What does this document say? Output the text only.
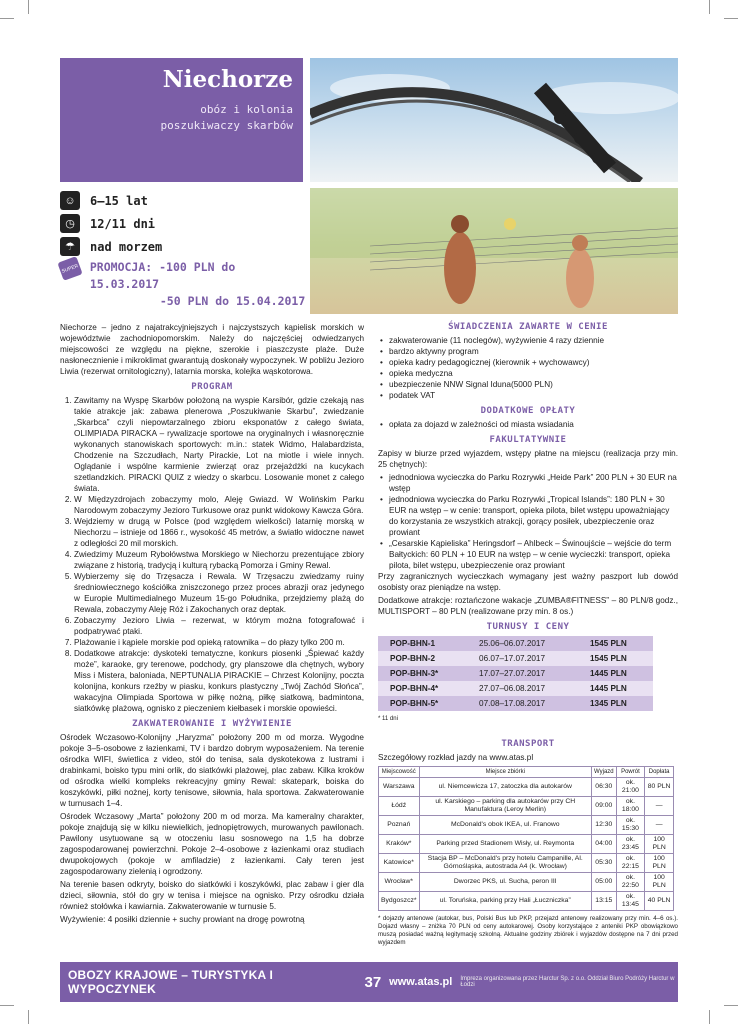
Niechorze
obóz i kolonia
poszukiwaczy skarbów
☺	6–15 lat
◷	12/11 dni
☂	nad morzem
SUPER PROMOCJA: -100 PLN do 15.03.2017
-50 PLN do 15.04.2017

Niechorze – jedno z najatrakcyjniejszych i najczystszych kąpielisk morskich w województwie zachodniopomorskim. Należy do najczęściej odwiedzanych miejscowości ze względu na piękne, szerokie i piaszczyste plaże. Duże nasłonecznienie i mikroklimat gwarantują doskonały wypoczynek. W pobliżu Jezioro Liwia (rezerwat ornitologiczny), latarnia morska, kolejka wąskotorowa.

PROGRAM
1. Zawitamy na Wyspę Skarbów położoną na wyspie Karsibór, gdzie czekają nas takie atrakcje jak: zabawa plenerowa „Poszukiwanie Skarbu”, zwiedzanie „Skarbca” czyli niepowtarzalnego zbioru eksponatów z całego świata, OLIMPIADA PIRACKA – rywalizacje sportowe na oryginalnych i własnoręcznie wykonanych stanowiskach sportowych: m.in.: statek Widmo, Halabardzista, Chodzenie na Szczudłach, Narty Pirackie, Lot na miotle i wiele innych. Oglądanie i wspólne karmienie zwierząt oraz przejażdżki na kucykach szetlandzkich. PIRACKI QUIZ z wiedzy o skarbcu. Losowanie monet z całego świata.
2. W Międzyzdrojach zobaczymy molo, Aleję Gwiazd. W Wolińskim Parku Narodowym zobaczymy Jezioro Turkusowe oraz punkt widokowy Kawcza Góra.
3. Wejdziemy w drugą w Polsce (pod względem wielkości) latarnię morską w Niechorzu – istnieje od 1866 r., wysokość 45 metrów, a światło widoczne nawet z odległości 20 mil morskich.
4. Zwiedzimy Muzeum Rybołówstwa Morskiego w Niechorzu prezentujące zbiory związane z historią, tradycją i kulturą rybacką Pomorza i Gminy Rewal.
5. Wybierzemy się do Trzęsacza i Rewala. W Trzęsaczu zwiedzamy ruiny średniowiecznego kościółka zniszczonego przez proces abrazji oraz jedynego w Europie Multimedialnego Muzeum 15-go Południka, przejdziemy plażą do Rewala, zobaczymy Aleję Róż i Zakochanych oraz deptak.
6. Zobaczymy Jezioro Liwia – rezerwat, w którym można fotografować i podpatrywać ptaki.
7. Plażowanie i kąpiele morskie pod opieką ratownika – do płazy tylko 200 m.
8. Dodatkowe atrakcje: dyskoteki tematyczne, konkurs piosenki „Śpiewać każdy może”, karaoke, gry terenowe, podchody, gry planszowe dla chętnych, wybory Miss i Mistera, baloniada, NEPTUNALIA PIRACKIE – Chrzest Kolonijny, poczta kolonijna, konkurs rzeźby w piasku, konkurs plastyczny „Twój Zachód Słońca”, wakacyjna Olimpiada Sportowa w piłkę nożną, piłkę siatkową, badmintona, siatkówkę plażową, ognisko z pieczeniem kiełbasek i morskie opowieści.
ZAKWATEROWANIE I WYŻYWIENIE

Ośrodek Wczasowo-Kolonijny „Haryzma” położony 200 m od morza. Wygodne pokoje 3–5-osobowe z łazienkami, TV i bardzo dobrym wyposażeniem. Na terenie ośrodka WIFI, świetlica z video, stół do tenisa, sala dyskotekowa z lustrami i drabinkami, boisko typu mini orlik, do siatkówki plażowej, plac zabaw. Kilka kroków od ośrodka wielki kompleks rekreacyjny gminy Rewal: skatepark, boiska do koszykówki, piłki nożnej, korty tenisowe, siłownia, hala sportowa. Zakwaterowanie w turnusach 1–4.

Ośrodek Wczasowy „Marta” położony 200 m od morza. Ma kameralny charakter, pokoje znajdują się w kilku niewielkich, jednopiętrowych, murowanych pawilonach. Pawilony usytuowane są w otoczeniu lasu sosnowego na 1,5 ha dobrze zagospodarowanej powierzchni. Pokoje 2–4-osobowe z łazienkami oraz studiach dwupokojowych (pokoje w amfiladzie) z łazienkami. Cały teren jest zagospodarowany zielenią i ogrodzony.

Na terenie basen odkryty, boisko do siatkówki i koszykówki, plac zabaw i gier dla dzieci, siłownia, stół do gry w tenisa i miejsce na ognisko. Przy ośrodku działa również stołówka i kawiarnia. Zakwaterowanie w turnusie 5.

Wyżywienie: 4 posiłki dziennie + suchy prowiant na drogę powrotną

ŚWIADCZENIA ZAWARTE W CENIE
• zakwaterowanie (11 noclegów), wyżywienie 4 razy dziennie
• bardzo aktywny program
• opieka kadry pedagogicznej (kierownik + wychowawcy)
• opieka medyczna
• ubezpieczenie NNW Signal Iduna(5000 PLN)
• podatek VAT
DODATKOWE OPŁATY
• opłata za dojazd w zależności od miasta wsiadania
FAKULTATYWNIE

Zapisy w biurze przed wyjazdem, wstępy płatne na miejscu (realizacja przy min. 25 chętnych):

• jednodniowa wycieczka do Parku Rozrywki „Heide Park” 200 PLN + 30 EUR na wstęp
• jednodniowa wycieczka do Parku Rozrywki „Tropical Islands”: 180 PLN + 30 EUR na wstęp – w cenie: transport, opieka pilota, bilet wstępu upoważniający do korzystania ze wszystkich atrakcji, gorący posiłek, ubezpieczenie oraz prowiant
• „Cesarskie Kąpieliska” Heringsdorf – Ahlbeck – Świnoujście – wejście do term Bałtyckich: 60 PLN + 10 EUR na wstęp – w cenie wycieczki: transport, opieka pilota, bilet wstępu, ubezpieczenie oraz prowiant

Przy zagranicznych wycieczkach wymagany jest ważny paszport lub dowód osobisty oraz pieniądze na wstęp.

Dodatkowe atrakcje: roztańczone wakacje „ZUMBA®FITNESS” – 80 PLN/8 godz., MULTISPORT – 80 PLN (realizowane przy min. 8 os.)

TURNUSY I CENY
POP-BHN-1	25.06–06.07.2017	1545 PLN
POP-BHN-2	06.07–17.07.2017	1545 PLN
POP-BHN-3*	17.07–27.07.2017	1445 PLN
POP-BHN-4*	27.07–06.08.2017	1445 PLN
POP-BHN-5*	07.08–17.08.2017	1345 PLN
* 11 dni
TRANSPORT
Szczegółowy rozkład jazdy na www.atas.pl
Miejscowość	Miejsce zbiórki	Wyjazd	Powrót	Dopłata
Warszawa	ul. Niemcewicza 17, zatoczka dla autokarów	06:30	ok. 21:00	80 PLN
Łódź	ul. Karskiego – parking dla autokarów przy CH Manufaktura (Leroy Merlin)	09:00	ok. 18:00	—
Poznań	McDonald's obok IKEA, ul. Franowo	12:30	ok. 15:30	—
Kraków*	Parking przed Stadionem Wisły, ul. Reymonta	04:00	ok. 23:45	100 PLN
Katowice*	Stacja BP – McDonald's przy hotelu Campanille, Al. Górnośląska, autostrada A4 (k. Wrocław)	05:30	ok. 22:15	100 PLN
Wrocław*	Dworzec PKS, ul. Sucha, peron III	05:00	ok. 22:50	100 PLN
Bydgoszcz*	ul. Toruńska, parking przy Hali „Łuczniczka”	13:15	ok. 13:45	40 PLN
* dojazdy antenowe (autokar, bus, Polski Bus lub PKP, przejazd antenowy realizowany przy min. 4–6 os.). Dojazd własny – zniżka 70 PLN od ceny autokarowej. Osoby korzystające z anteniki PKP obowiązkowo muszą posiadać ważną legitymację szkolną. Aktualne godziny zbiórek i wyjazdów dostępne na 7 dni przed wyjazdem
OBOZY KRAJOWE – TURYSTYKA I WYPOCZYNEK	37 www.atas.pl Impreza organizowana przez Harctur Sp. z o.o. Oddział Biuro Podróży Harctur w Łodzi
